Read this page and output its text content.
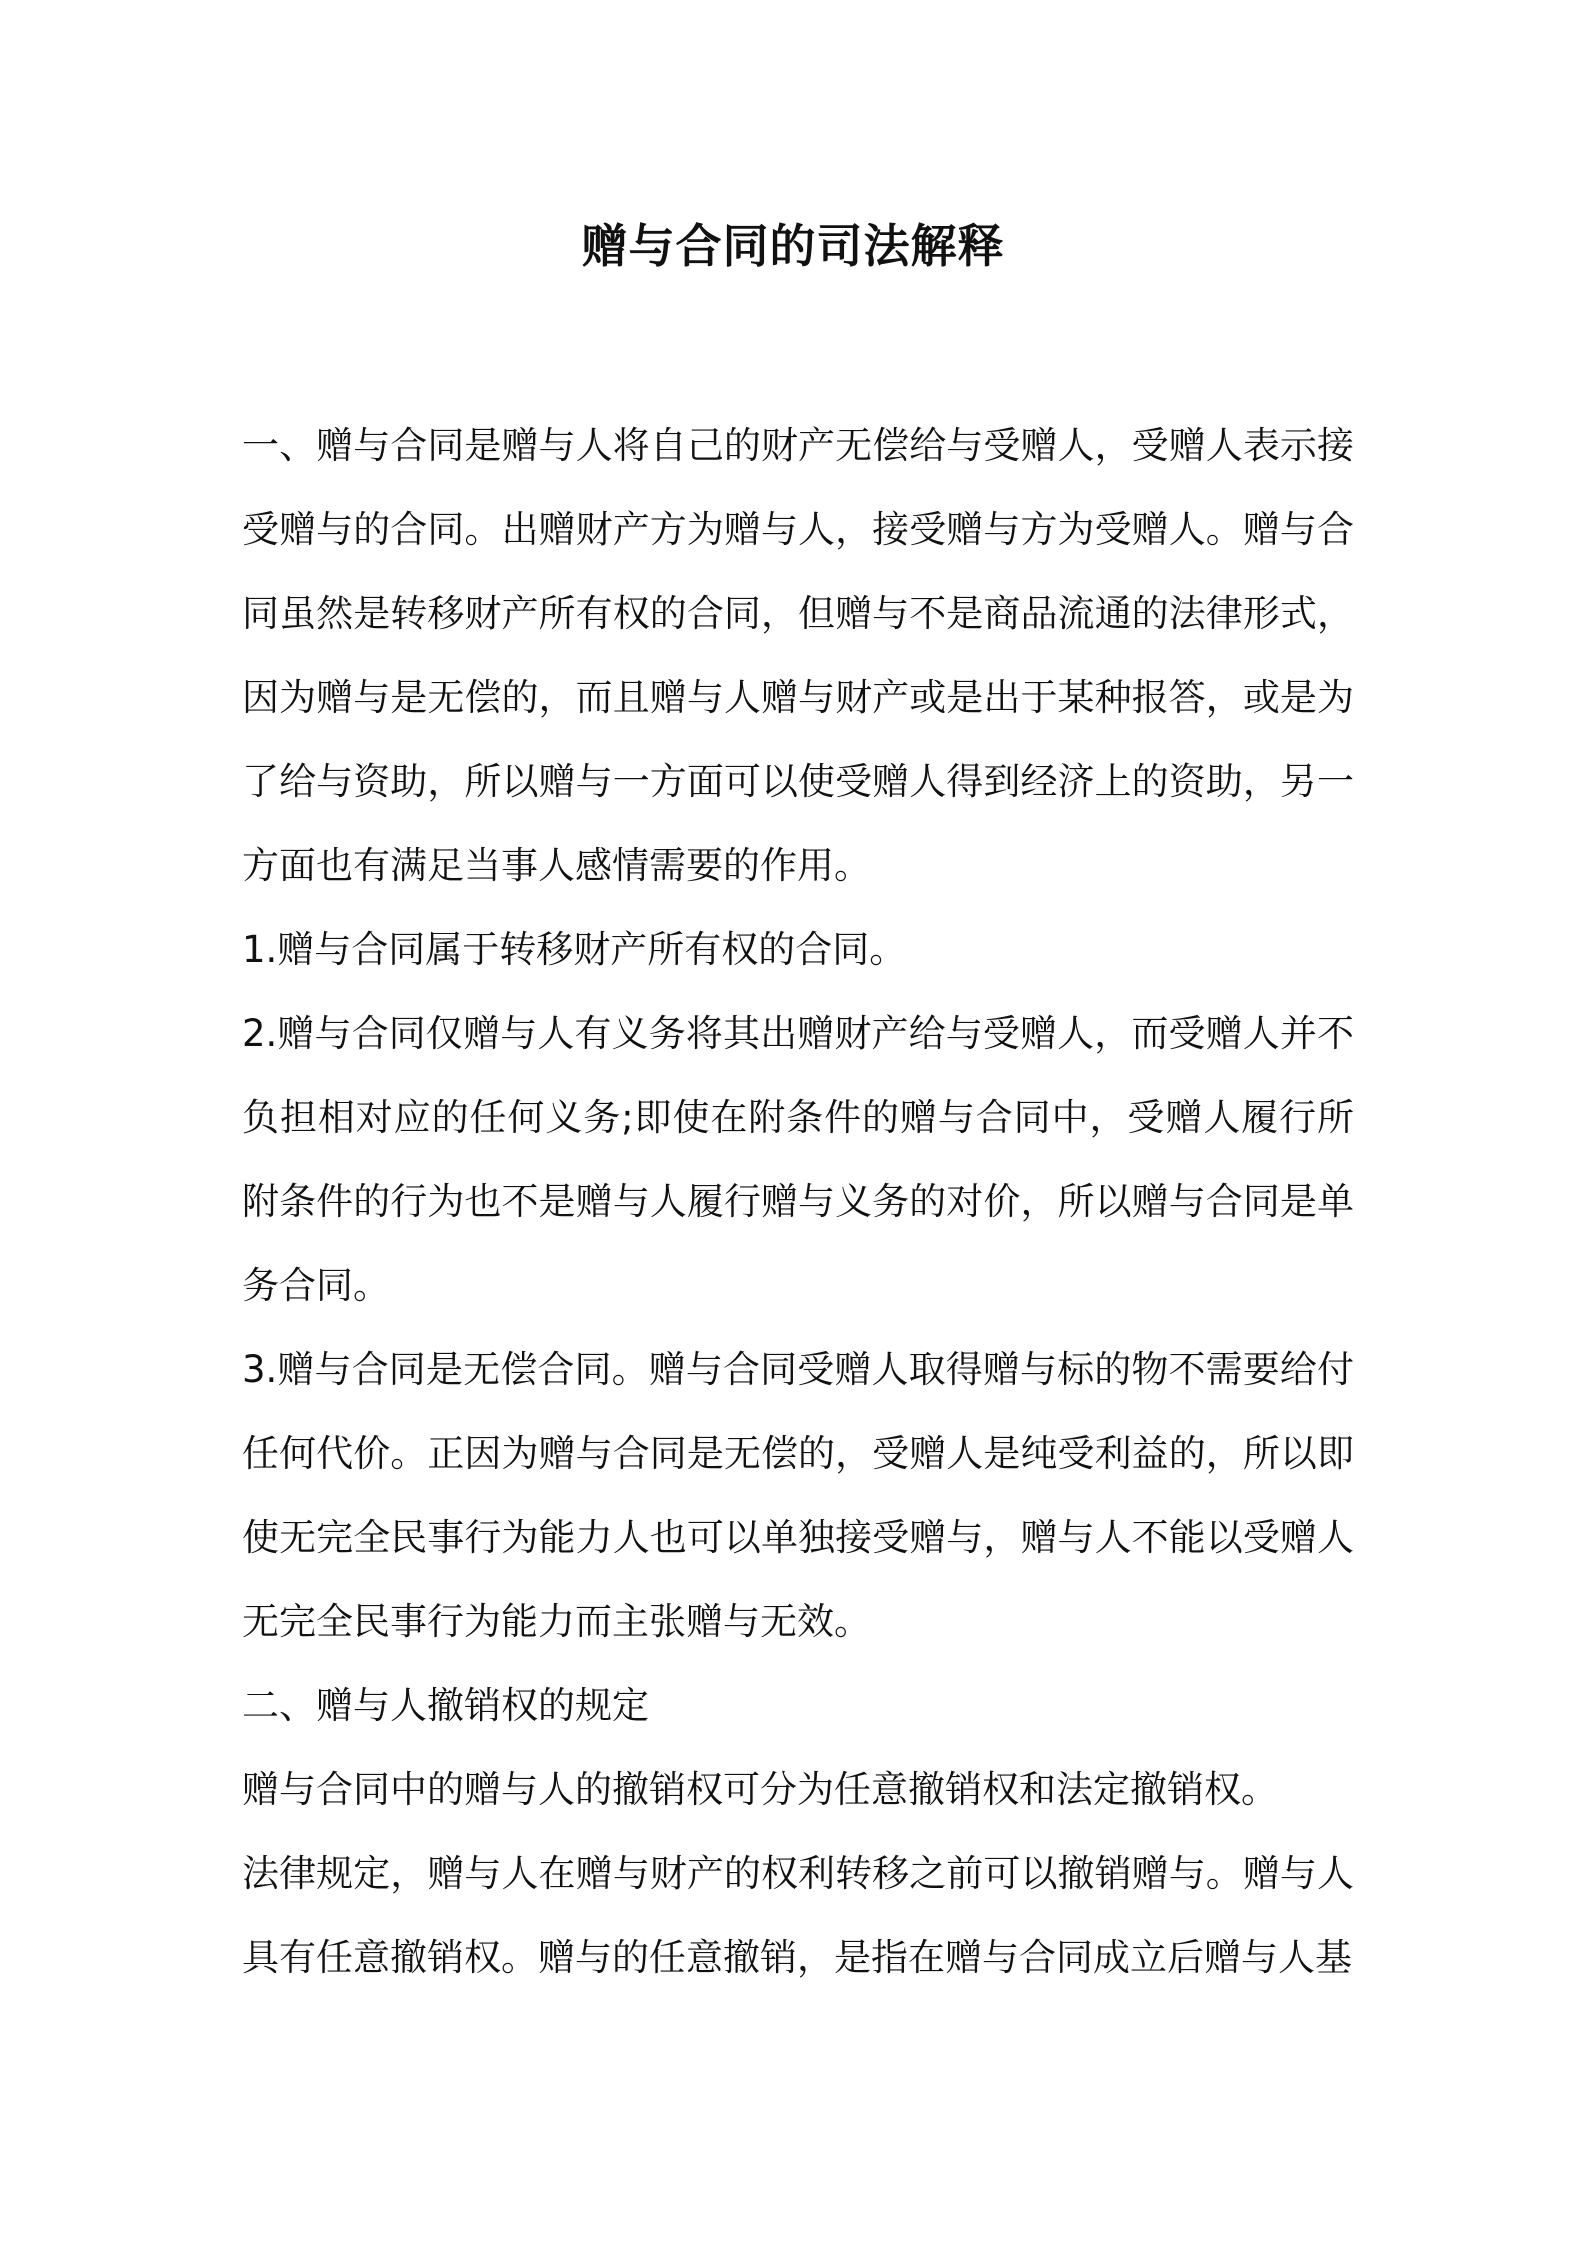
赠与合同的司法解释

一、赠与合同是赠与人将自己的财产无偿给与受赠人，受赠人表示接受赠与的合同。出赠财产方为赠与人，接受赠与方为受赠人。赠与合同虽然是转移财产所有权的合同，但赠与不是商品流通的法律形式，因为赠与是无偿的，而且赠与人赠与财产或是出于某种报答，或是为了给与资助，所以赠与一方面可以使受赠人得到经济上的资助，另一方面也有满足当事人感情需要的作用。

1.赠与合同属于转移财产所有权的合同。

2.赠与合同仅赠与人有义务将其出赠财产给与受赠人，而受赠人并不负担相对应的任何义务;即使在附条件的赠与合同中，受赠人履行所附条件的行为也不是赠与人履行赠与义务的对价，所以赠与合同是单务合同。

3.赠与合同是无偿合同。赠与合同受赠人取得赠与标的物不需要给付任何代价。正因为赠与合同是无偿的，受赠人是纯受利益的，所以即使无完全民事行为能力人也可以单独接受赠与，赠与人不能以受赠人无完全民事行为能力而主张赠与无效。

二、赠与人撤销权的规定

赠与合同中的赠与人的撤销权可分为任意撤销权和法定撤销权。

法律规定，赠与人在赠与财产的权利转移之前可以撤销赠与。赠与人具有任意撤销权。赠与的任意撤销，是指在赠与合同成立后赠与人基
